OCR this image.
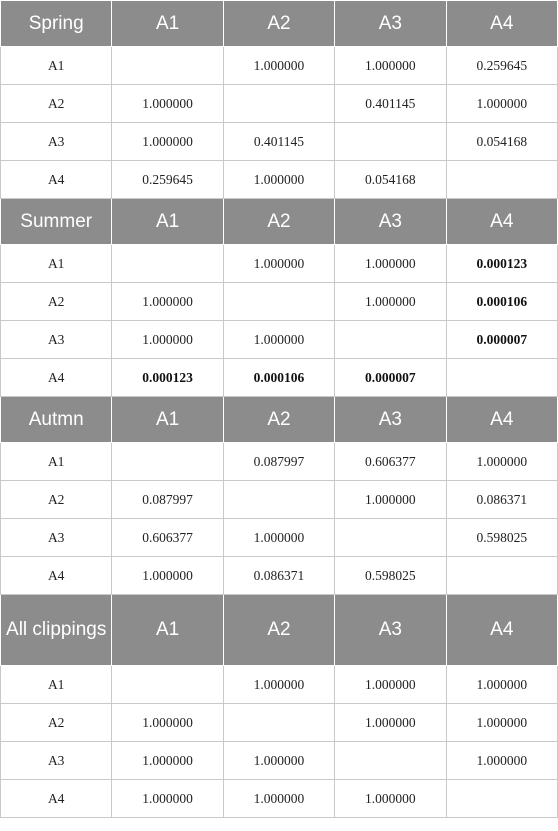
Spring	A1	A2	A3	A4
A1		1.000000	1.000000	0.259645
A2	1.000000		0.401145	1.000000
A3	1.000000	0.401145		0.054168
A4	0.259645	1.000000	0.054168	
Summer	A1	A2	A3	A4
A1		1.000000	1.000000	0.000123
A2	1.000000		1.000000	0.000106
A3	1.000000	1.000000		0.000007
A4	0.000123	0.000106	0.000007	
Autmn	A1	A2	A3	A4
A1		0.087997	0.606377	1.000000
A2	0.087997		1.000000	0.086371
A3	0.606377	1.000000		0.598025
A4	1.000000	0.086371	0.598025	
All clippings	A1	A2	A3	A4
A1		1.000000	1.000000	1.000000
A2	1.000000		1.000000	1.000000
A3	1.000000	1.000000		1.000000
A4	1.000000	1.000000	1.000000	
